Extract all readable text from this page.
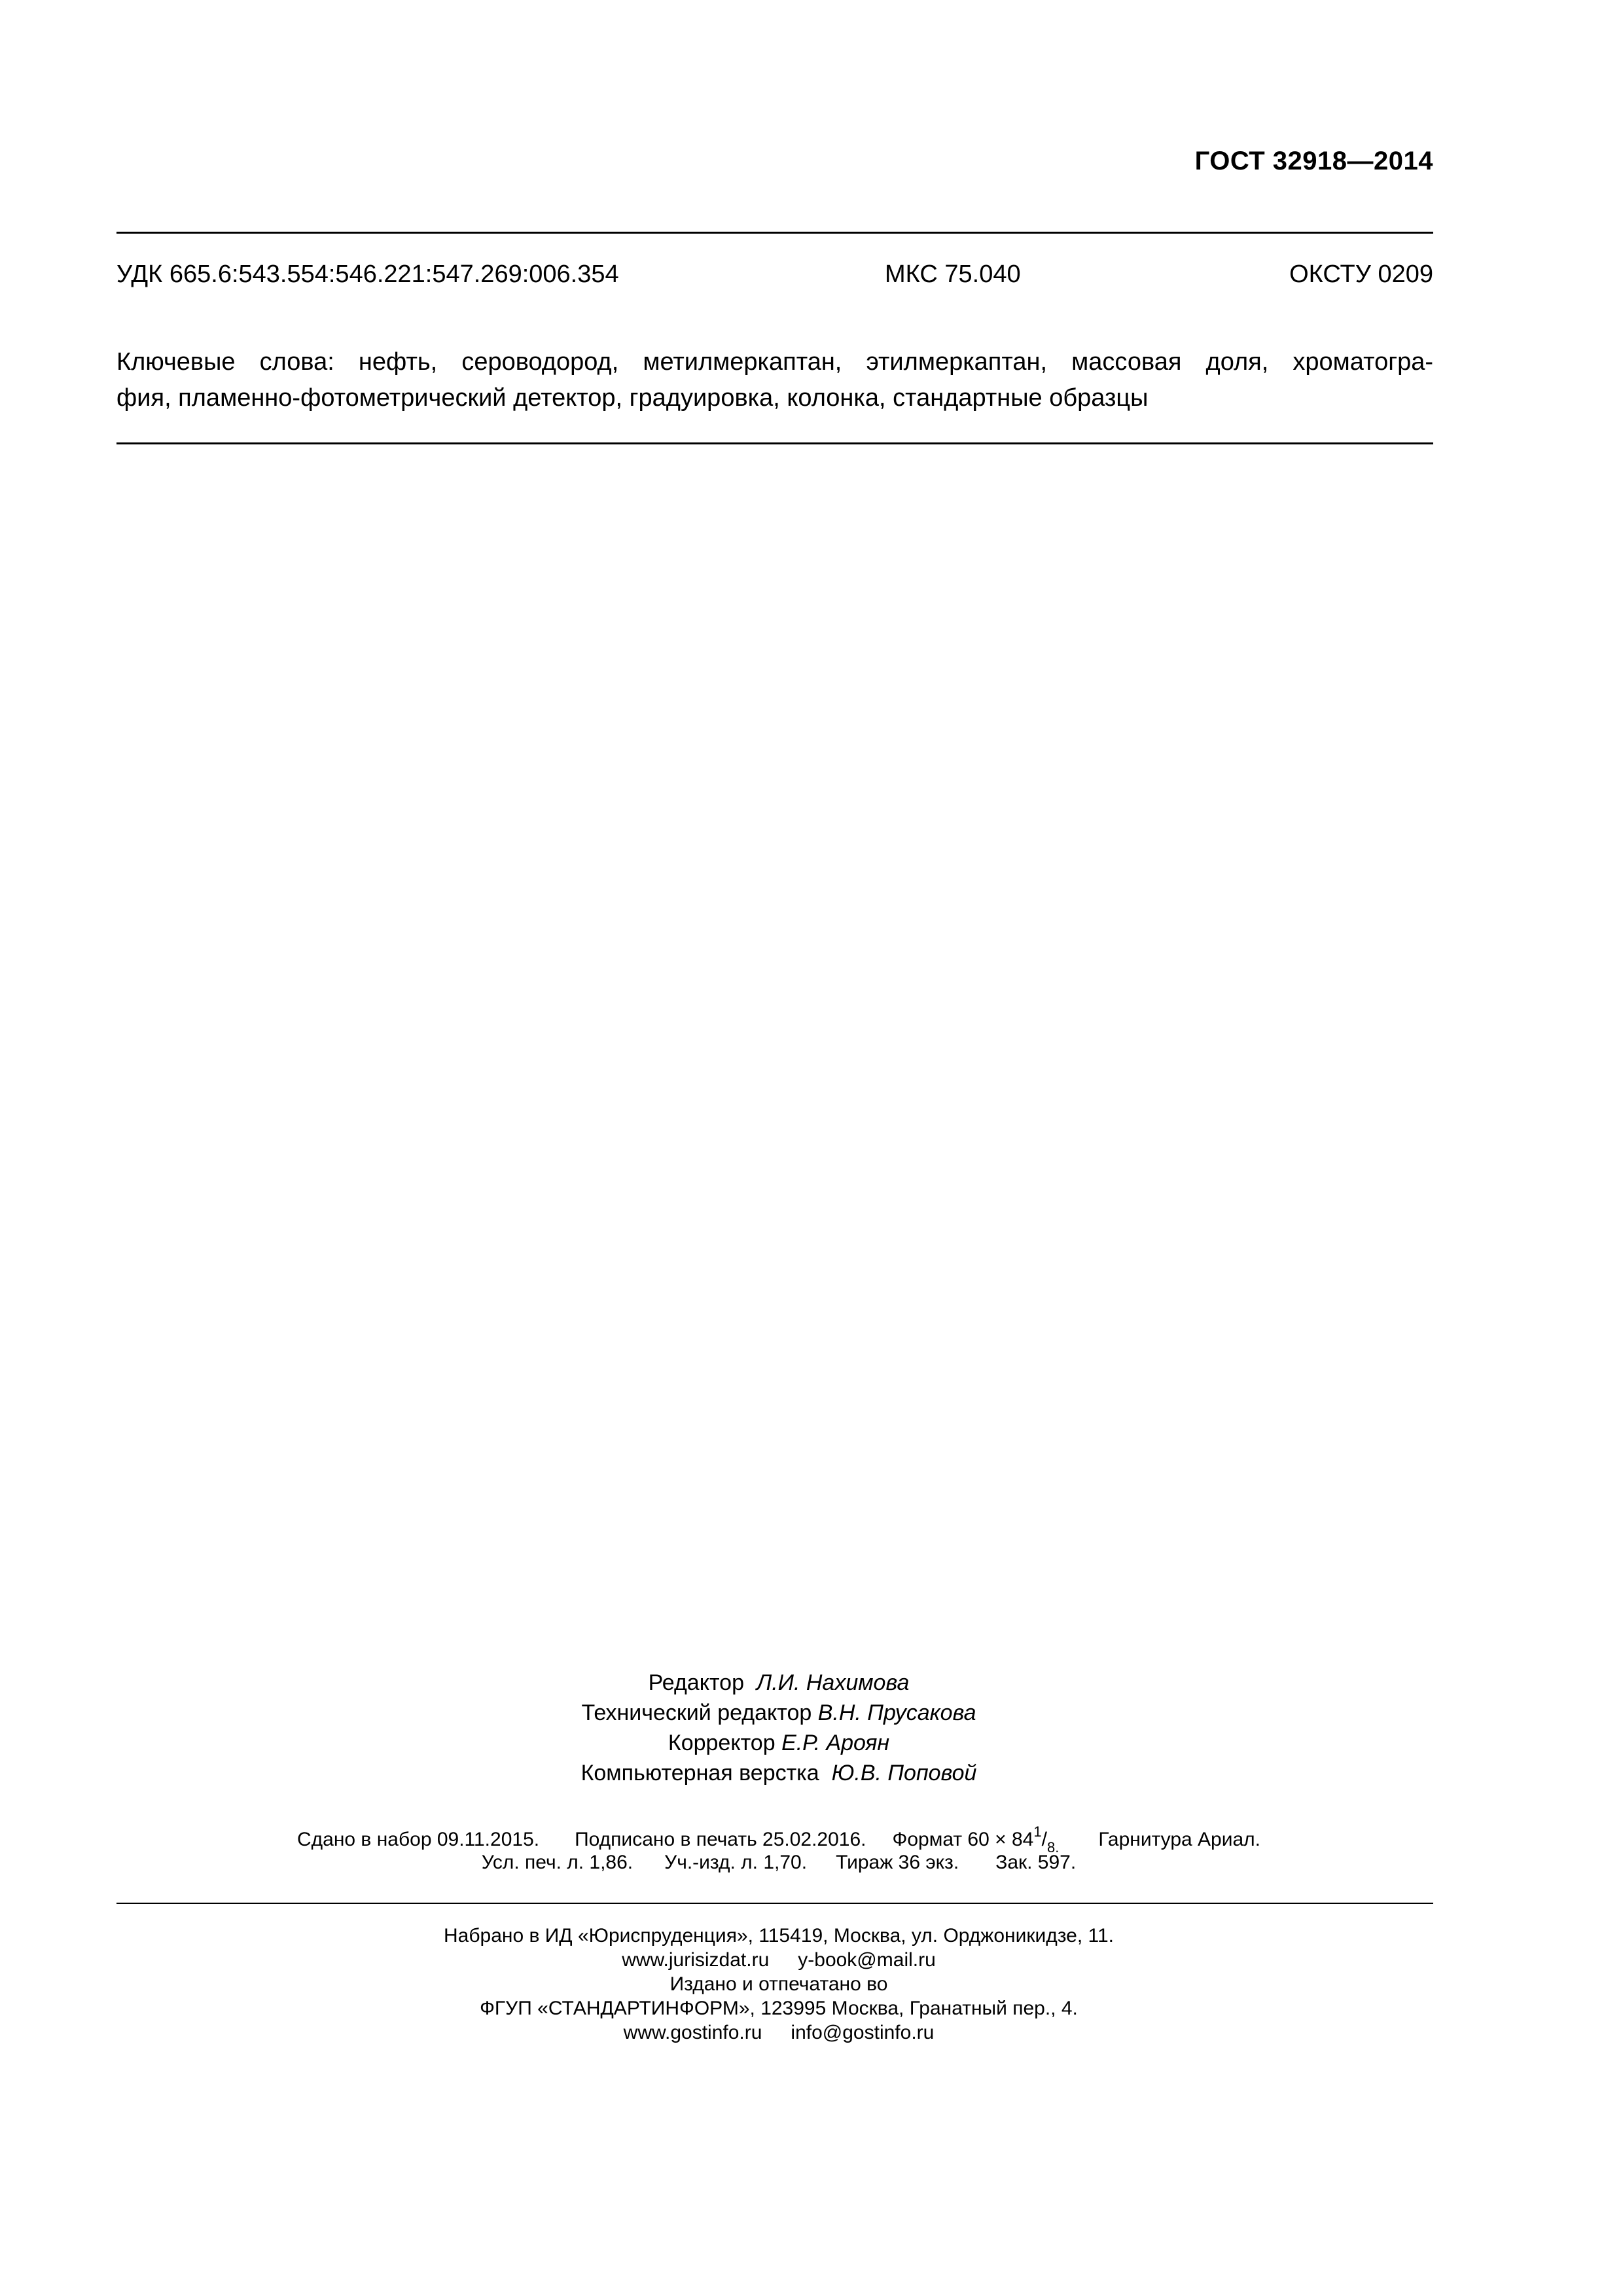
ГОСТ 32918—2014
УДК 665.6:543.554:546.221:547.269:006.354	МКС 75.040	ОКСТУ 0209
Ключевые слова: нефть, сероводород, метилмеркаптан, этилмеркаптан, массовая доля, хроматогра-
фия, пламенно-фотометрический детектор, градуировка, колонка, стандартные образцы
Редактор Л.И. Нахимова
Технический редактор В.Н. Прусакова
Корректор Е.Р. Ароян
Компьютерная верстка Ю.В. Поповой
Сдано в набор 09.11.2015. Подписано в печать 25.02.2016. Формат $60 \times 84^1/_{8.}$ Гарнитура Ариал.
Усл. печ. л. 1,86. Уч.-изд. л. 1,70. Тираж 36 экз. Зак. 597.
Набрано в ИД «Юриспруденция», 115419, Москва, ул. Орджоникидзе, 11.
www.jurisizdat.ru y-book@mail.ru
Издано и отпечатано во
ФГУП «СТАНДАРТИНФОРМ», 123995 Москва, Гранатный пер., 4.
www.gostinfo.ru info@gostinfo.ru
